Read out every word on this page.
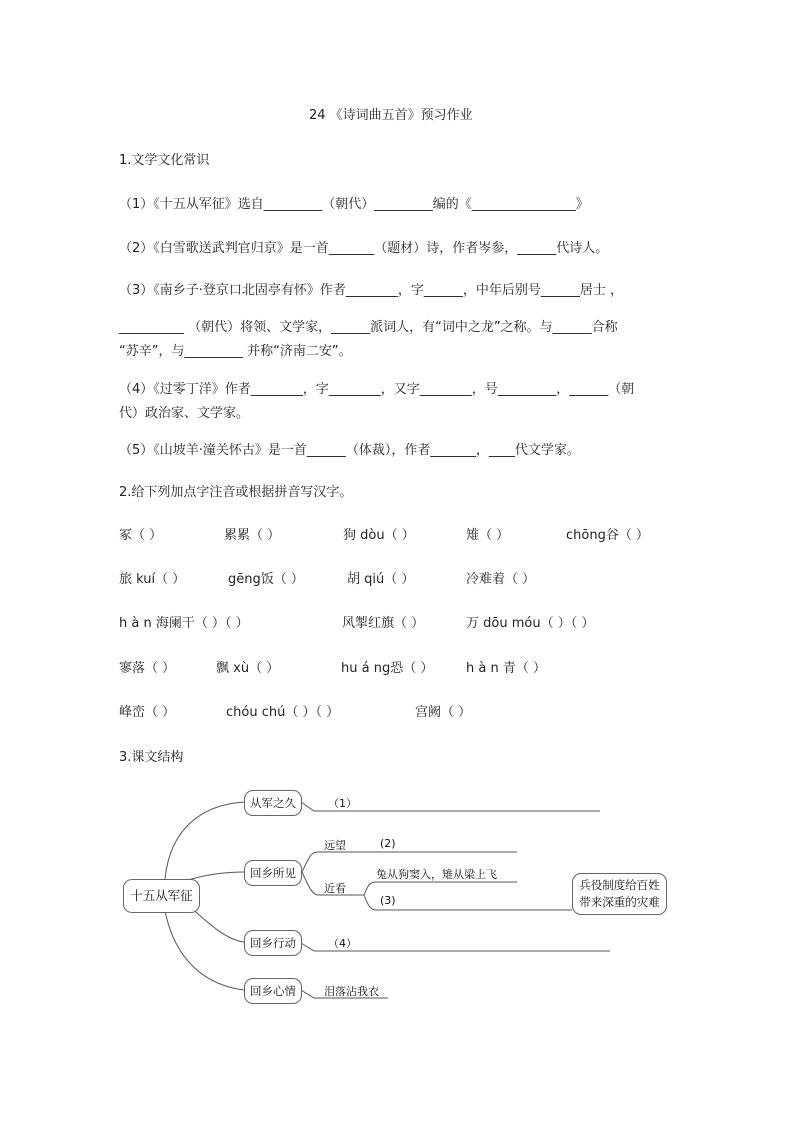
24 《诗词曲五首》预习作业
1.文学文化常识
（1）《十五从军征》选自_________（朝代）_________编的《________________》
（2）《白雪歌送武判官归京》是一首_______（题材）诗，作者岑参，______代诗人。
（3）《南乡子·登京口北固亭有怀》作者________，字______，中年后别号______居士 ，
__________ （朝代）将领、文学家，______派词人，有“词中之龙”之称。与______合称
“苏辛”，与_________ 并称“济南二安”。
（4）《过零丁洋》作者________，字________，又字________，号_________，______（朝
代）政治家、文学家。
（5）《山坡羊·潼关怀古》是一首______（体裁），作者_______，____代文学家。
2.给下列加点字注音或根据拼音写汉字。
冢（ ）	累累（ ）	狗 dòu（ ）	雉（ ）	chōng谷（ ）
旅 kuí（ ）	gēng饭（ ）	胡 qiú（ ）	冷难着（ ）
h à n 海阑干（ ）（ ）	风掣红旗（ ）	万 dōu móu（ ）（ ）
寥落（ ）	飘 xù（ ）	hu á ng恐（ ）	h à n 青（ ）
峰峦（ ）	chóu chú（ ）（ ）	宫阙（ ）
3.课文结构
十五从军征
从军之久
回乡所见
回乡行动
回乡心情
兵役制度给百姓
带来深重的灾难
（1）
远望	(2)
近看
兔从狗窦入，雉从梁上飞
(3)
（4）
泪落沾我衣
